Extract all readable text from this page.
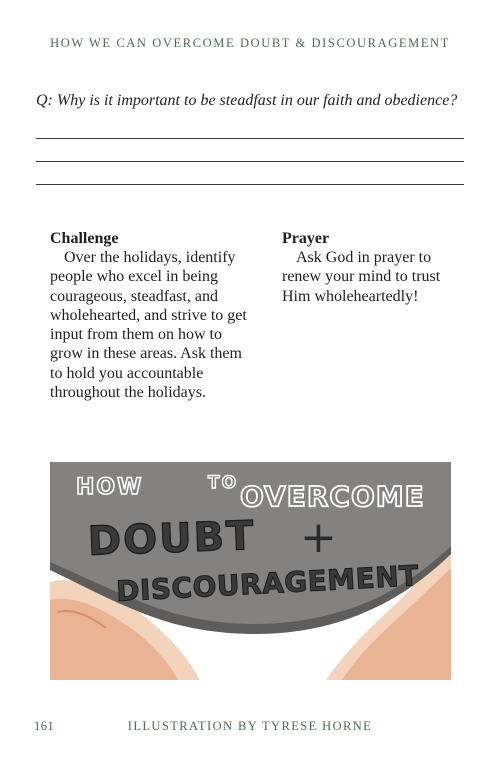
HOW WE CAN OVERCOME DOUBT & DISCOURAGEMENT
Q: Why is it important to be steadfast in our faith and obedience?
Challenge

Over the holidays, identify people who excel in being courageous, steadfast, and wholehearted, and strive to get input from them on how to grow in these areas. Ask them to hold you accountable throughout the holidays.

Prayer

Ask God in prayer to renew your mind to trust Him wholeheartedly!

HOW	TO OVERCOME
DOUBT +
DISCOURAGEMENT
161	ILLUSTRATION BY TYRESE HORNE
